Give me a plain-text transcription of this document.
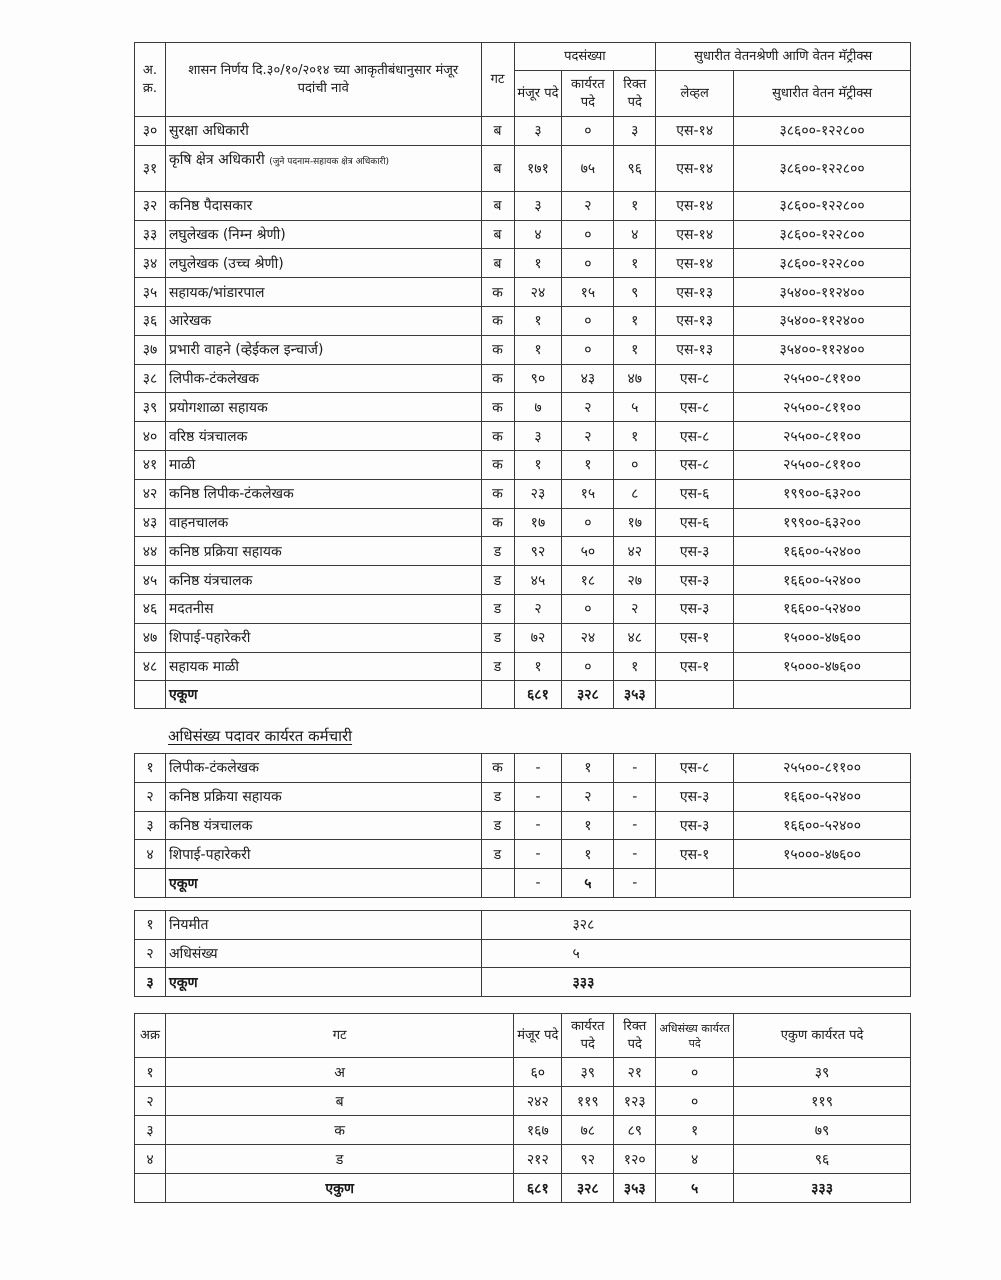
अ. क्र.	शासन निर्णय दि.३०/१०/२०१४ च्या आकृतीबंधानुसार मंजूर पदांची नावे	गट	पदसंख्या			सुधारीत वेतनश्रेणी आणि वेतन मॅट्रीक्स	
			मंजूर पदे	कार्यरत पदे	रिक्त पदे	लेव्हल	सुधारीत वेतन मॅट्रीक्स
३०	सुरक्षा अधिकारी	ब	३	०	३	एस-१४	३८६००-१२२८००
३१	कृषि क्षेत्र अधिकारी (जुने पदनाम-सहायक क्षेत्र अधिकारी)	ब	१७१	७५	९६	एस-१४	३८६००-१२२८००
३२	कनिष्ठ पैदासकार	ब	३	२	१	एस-१४	३८६००-१२२८००
३३	लघुलेखक (निम्न श्रेणी)	ब	४	०	४	एस-१४	३८६००-१२२८००
३४	लघुलेखक (उच्च श्रेणी)	ब	१	०	१	एस-१४	३८६००-१२२८००
३५	सहायक/भांडारपाल	क	२४	१५	९	एस-१३	३५४००-११२४००
३६	आरेखक	क	१	०	१	एस-१३	३५४००-११२४००
३७	प्रभारी वाहने (व्हेईकल इन्चार्ज)	क	१	०	१	एस-१३	३५४००-११२४००
३८	लिपीक-टंकलेखक	क	९०	४३	४७	एस-८	२५५००-८११००
३९	प्रयोगशाळा सहायक	क	७	२	५	एस-८	२५५००-८११००
४०	वरिष्ठ यंत्रचालक	क	३	२	१	एस-८	२५५००-८११००
४१	माळी	क	१	१	०	एस-८	२५५००-८११००
४२	कनिष्ठ लिपीक-टंकलेखक	क	२३	१५	८	एस-६	१९९००-६३२००
४३	वाहनचालक	क	१७	०	१७	एस-६	१९९००-६३२००
४४	कनिष्ठ प्रक्रिया सहायक	ड	९२	५०	४२	एस-३	१६६००-५२४००
४५	कनिष्ठ यंत्रचालक	ड	४५	१८	२७	एस-३	१६६००-५२४००
४६	मदतनीस	ड	२	०	२	एस-३	१६६००-५२४००
४७	शिपाई-पहारेकरी	ड	७२	२४	४८	एस-१	१५०००-४७६००
४८	सहायक माळी	ड	१	०	१	एस-१	१५०००-४७६००
	एकूण		६८१	३२८	३५३		
अधिसंख्य पदावर कार्यरत कर्मचारी
१	लिपीक-टंकलेखक	क	-	१	-	एस-८	२५५००-८११००
२	कनिष्ठ प्रक्रिया सहायक	ड	-	२	-	एस-३	१६६००-५२४००
३	कनिष्ठ यंत्रचालक	ड	-	१	-	एस-३	१६६००-५२४००
४	शिपाई-पहारेकरी	ड	-	१	-	एस-१	१५०००-४७६००
	एकूण		-	५	-		
१	नियमीत	३२८
२	अधिसंख्य	५
३	एकूण	३३३
अक्र	गट	मंजूर पदे	कार्यरत पदे	रिक्त पदे	अधिसंख्य कार्यरत पदे	एकुण कार्यरत पदे
१	अ	६०	३९	२१	०	३९
२	ब	२४२	११९	१२३	०	११९
३	क	१६७	७८	८९	१	७९
४	ड	२१२	९२	१२०	४	९६
	एकुण	६८१	३२८	३५३	५	३३३
